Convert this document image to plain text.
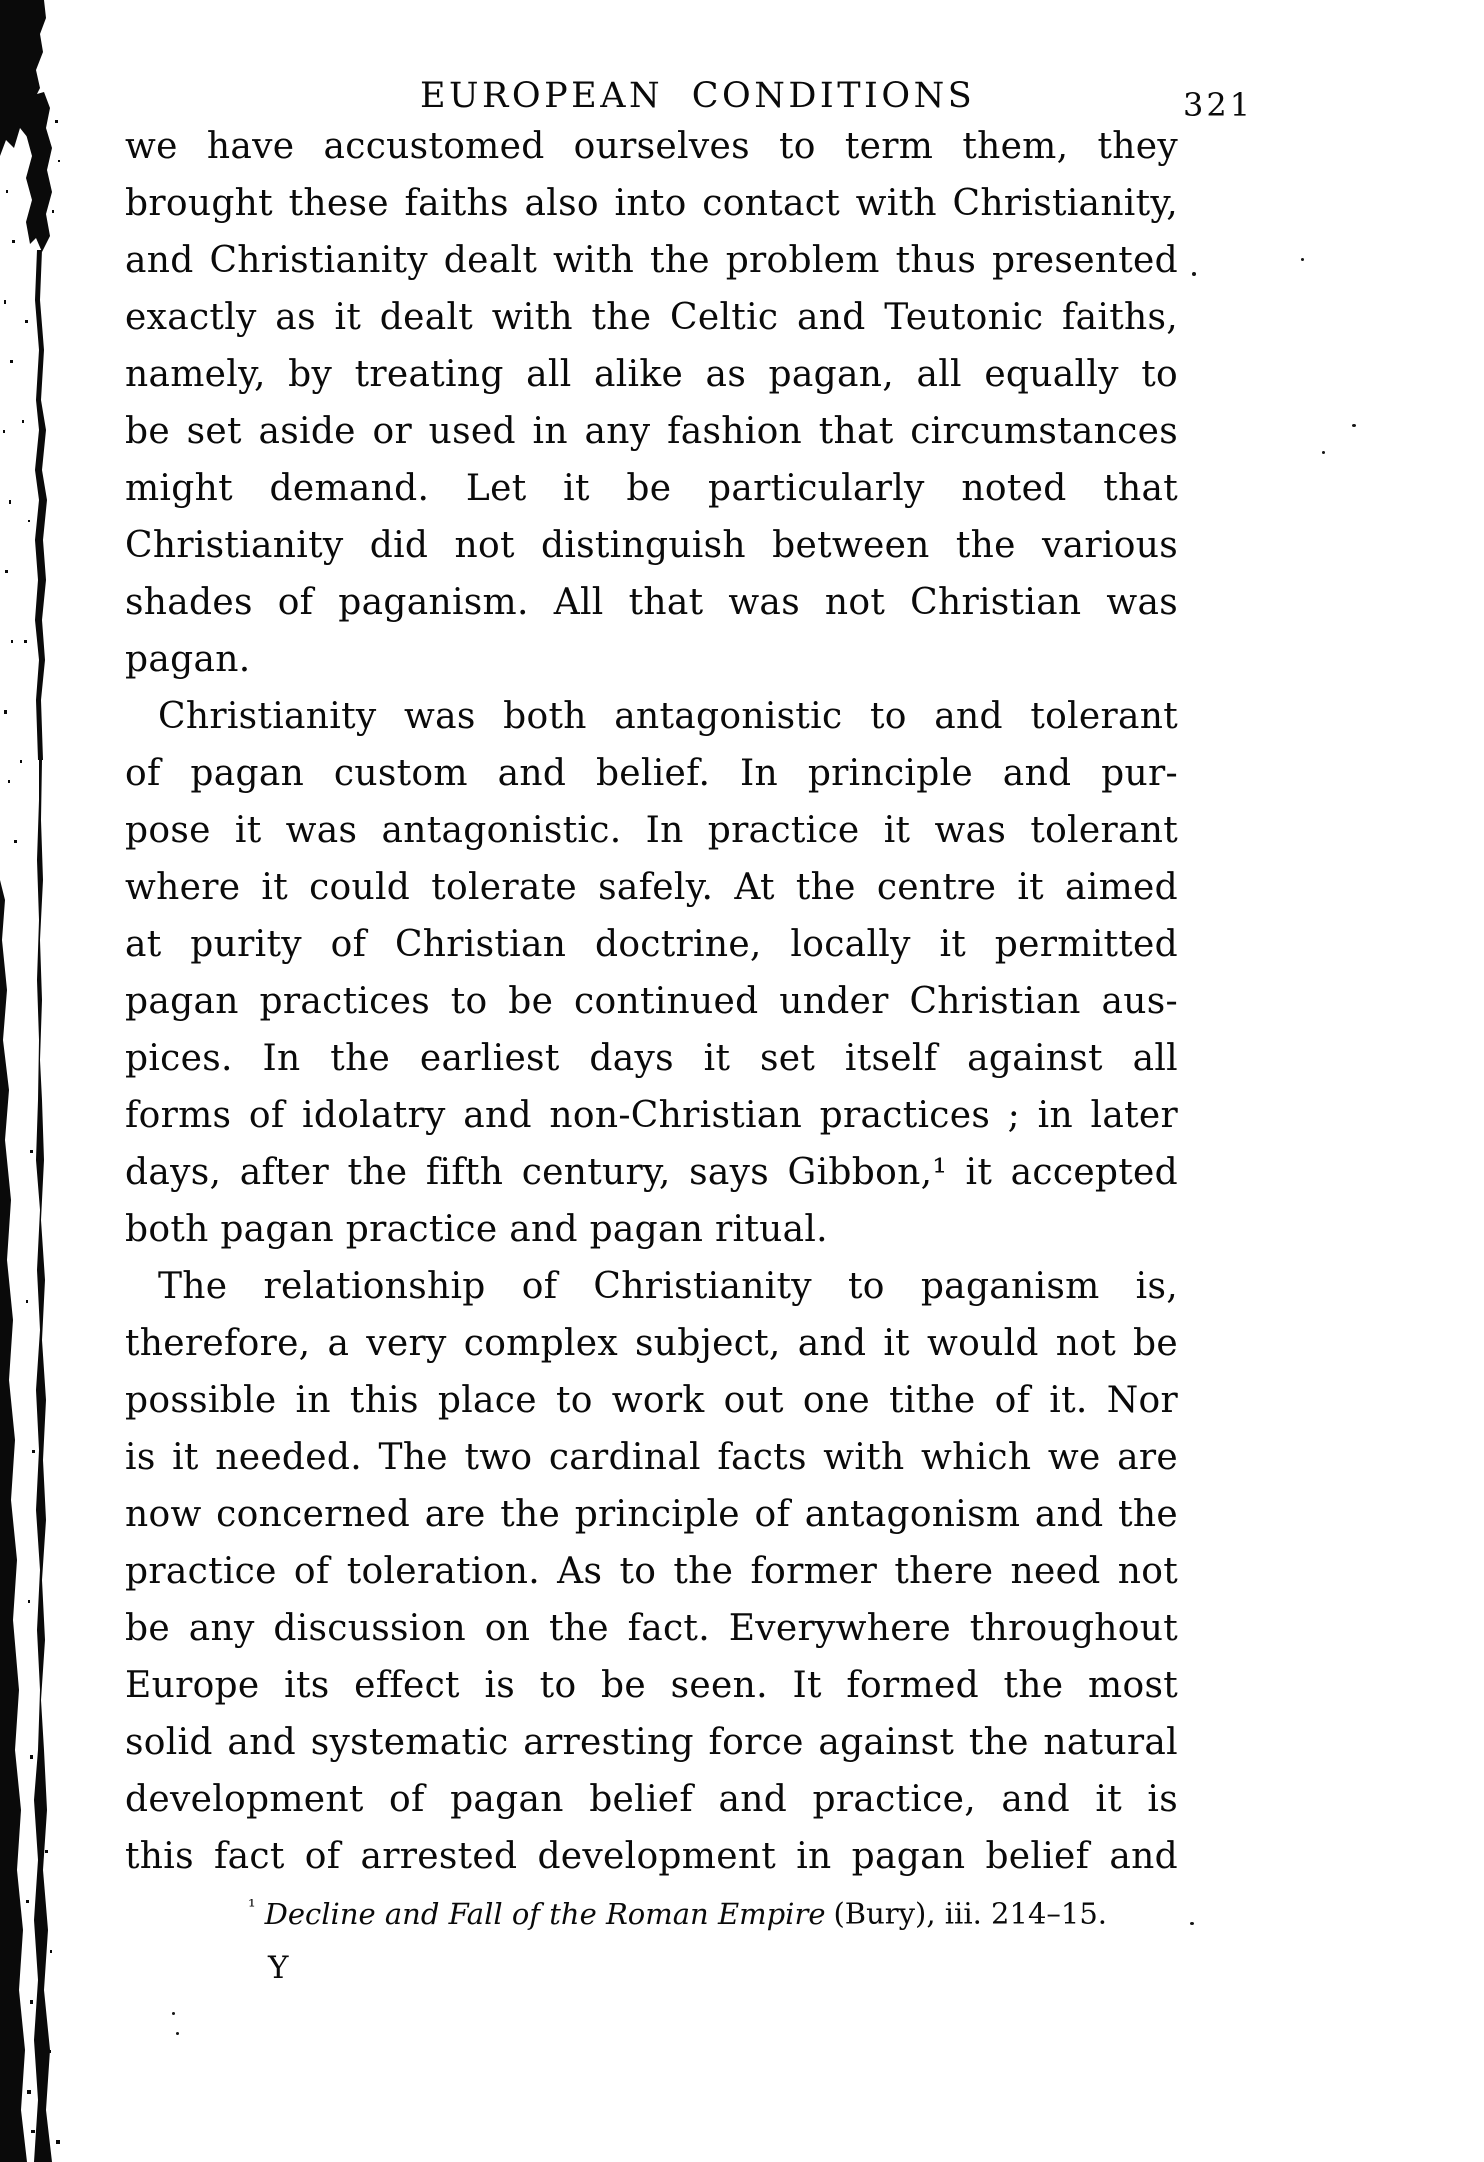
EUROPEAN CONDITIONS	321
we have accustomed ourselves to term them, they
brought these faiths also into contact with Christianity,
and Christianity dealt with the problem thus presented
exactly as it dealt with the Celtic and Teutonic faiths,
namely, by treating all alike as pagan, all equally to
be set aside or used in any fashion that circumstances
might demand. Let it be particularly noted that
Christianity did not distinguish between the various
shades of paganism. All that was not Christian was
pagan.
Christianity was both antagonistic to and tolerant
of pagan custom and belief. In principle and pur-
pose it was antagonistic. In practice it was tolerant
where it could tolerate safely. At the centre it aimed
at purity of Christian doctrine, locally it permitted
pagan practices to be continued under Christian aus-
pices. In the earliest days it set itself against all
forms of idolatry and non-Christian practices ; in later
days, after the fifth century, says Gibbon,¹ it accepted
both pagan practice and pagan ritual.
The relationship of Christianity to paganism is,
therefore, a very complex subject, and it would not be
possible in this place to work out one tithe of it. Nor
is it needed. The two cardinal facts with which we are
now concerned are the principle of antagonism and the
practice of toleration. As to the former there need not
be any discussion on the fact. Everywhere throughout
Europe its effect is to be seen. It formed the most
solid and systematic arresting force against the natural
development of pagan belief and practice, and it is
this fact of arrested development in pagan belief and
$^{^1}$ Decline and Fall of the Roman Empire (Bury), iii. 214–15.
Y
